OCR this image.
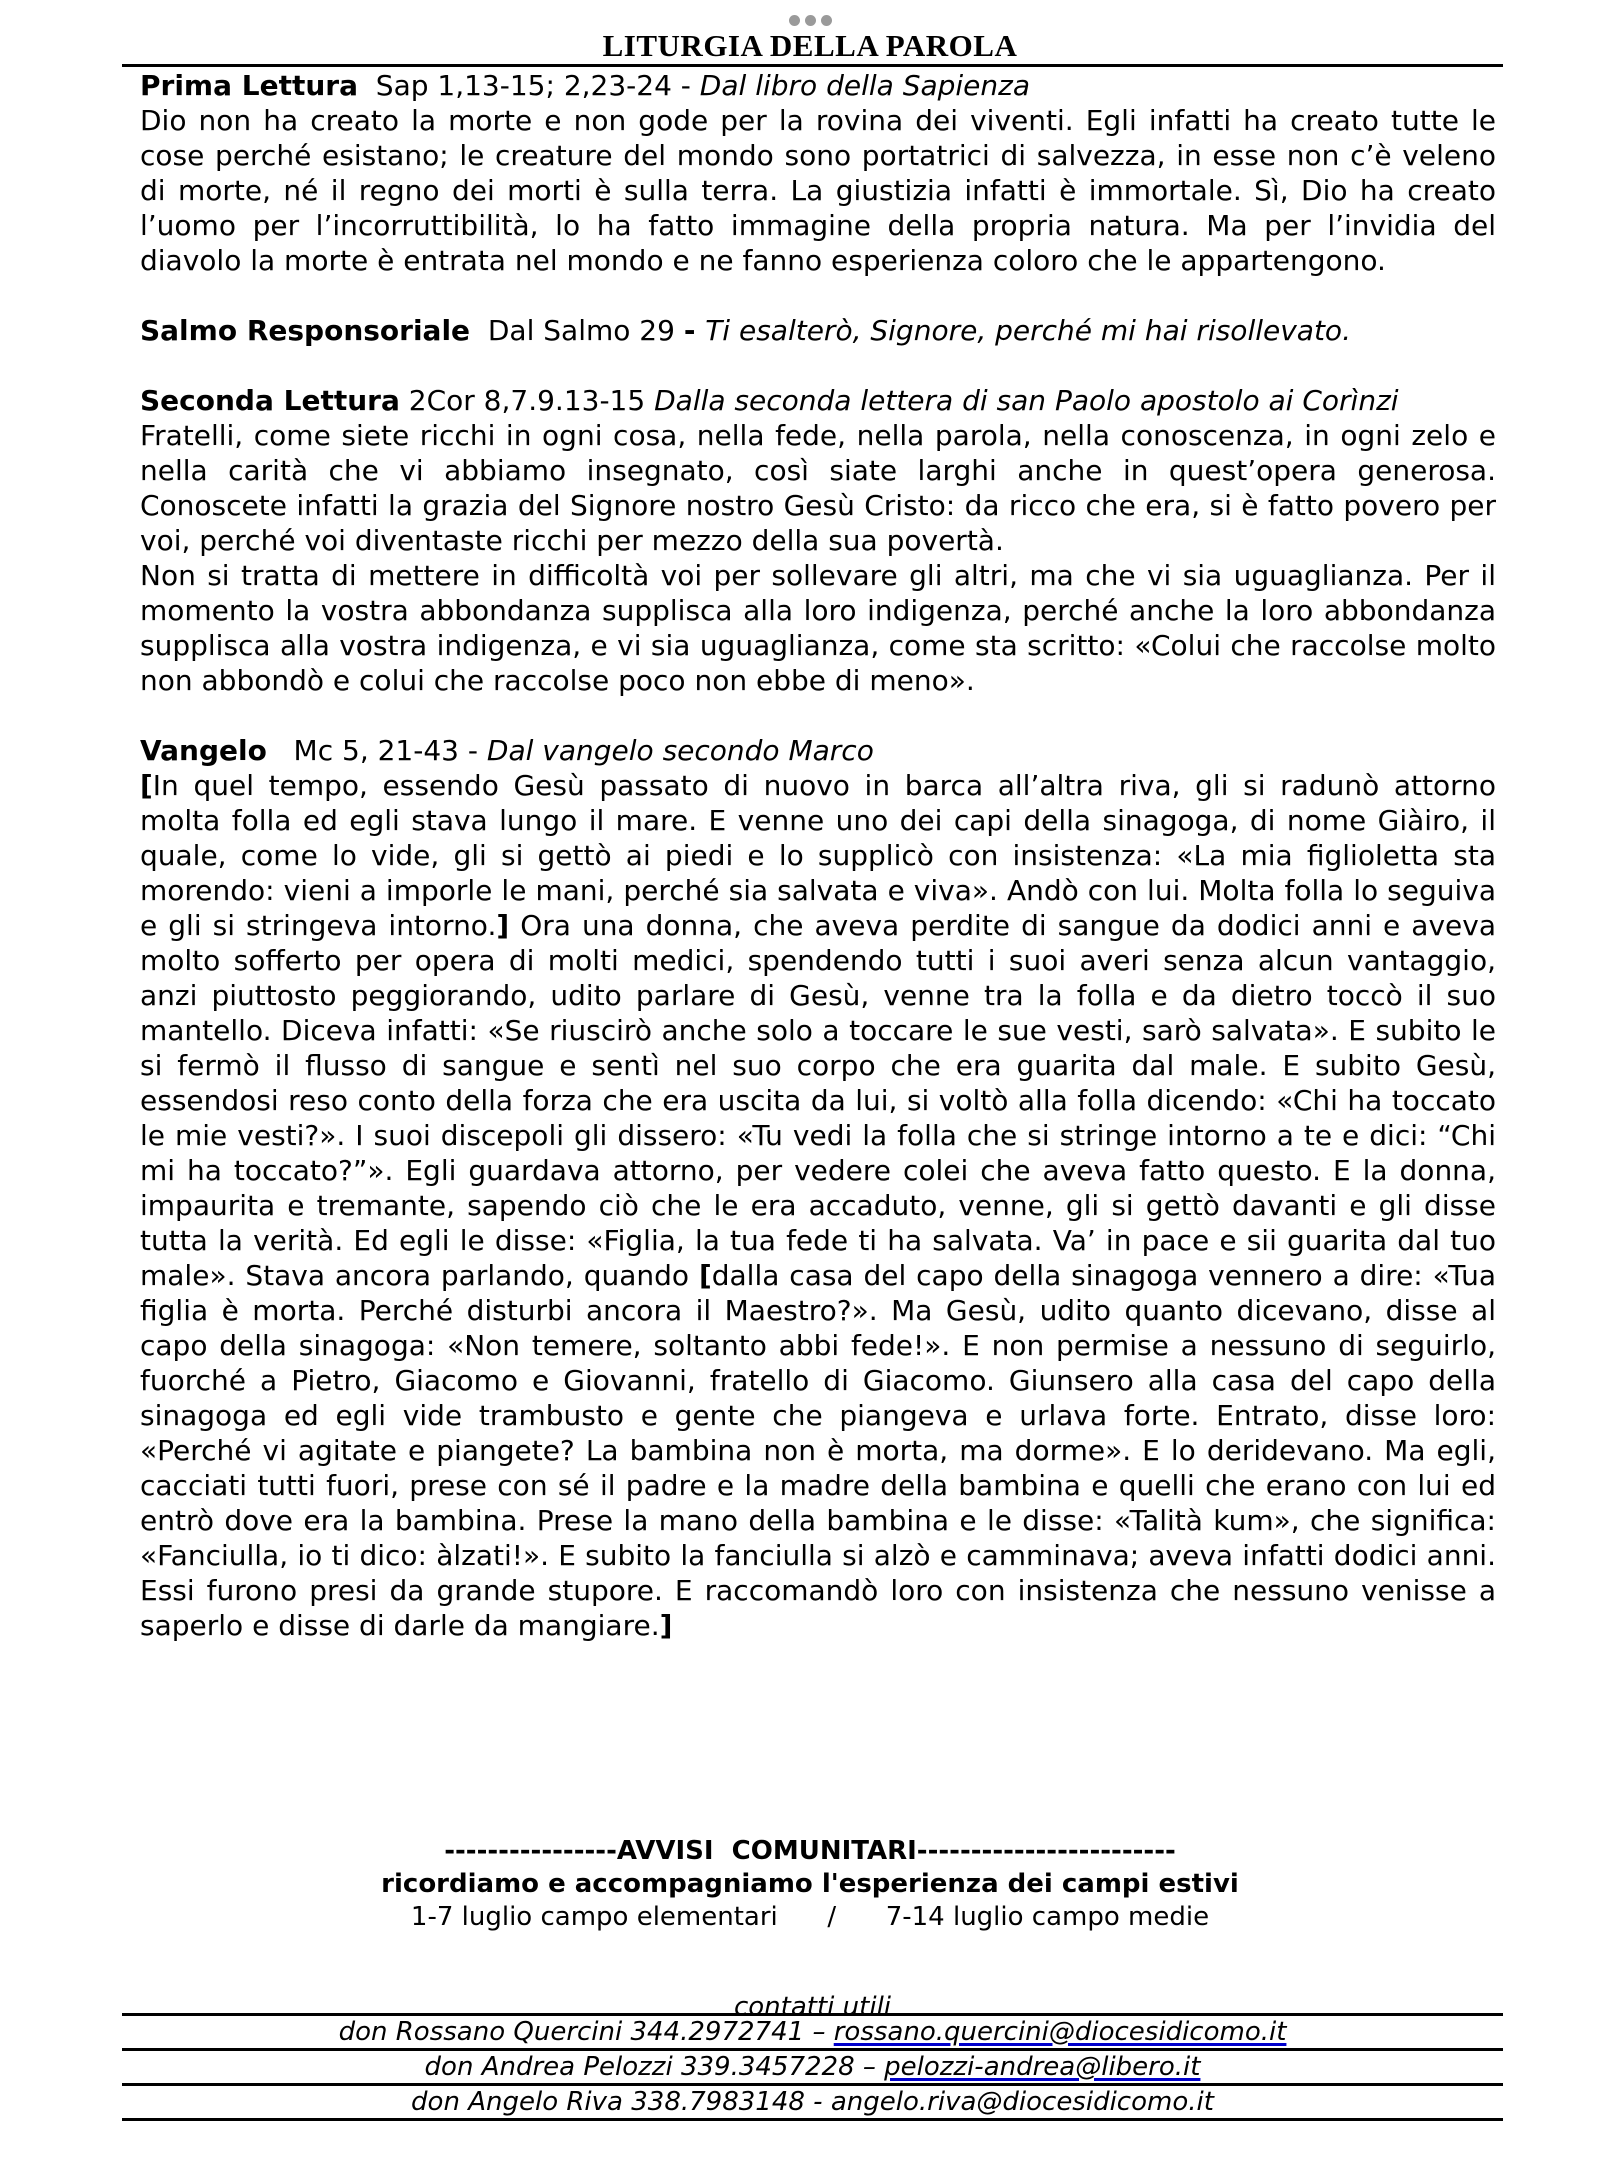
LITURGIA DELLA PAROLA
Prima Lettura Sap 1,13-15; 2,23-24 - Dal libro della Sapienza

Dio non ha creato la morte e non gode per la rovina dei viventi. Egli infatti ha creato tutte le cose perché esistano; le creature del mondo sono portatrici di salvezza, in esse non c’è veleno di morte, né il regno dei morti è sulla terra. La giustizia infatti è immortale. Sì, Dio ha creato l’uomo per l’incorruttibilità, lo ha fatto immagine della propria natura. Ma per l’invidia del diavolo la morte è entrata nel mondo e ne fanno esperienza coloro che le appartengono.

Salmo Responsoriale Dal Salmo 29 - Ti esalterò, Signore, perché mi hai risollevato.
Seconda Lettura 2Cor 8,7.9.13-15 Dalla seconda lettera di san Paolo apostolo ai Corìnzi

Fratelli, come siete ricchi in ogni cosa, nella fede, nella parola, nella conoscenza, in ogni zelo e nella carità che vi abbiamo insegnato, così siate larghi anche in quest’opera generosa. Conoscete infatti la grazia del Signore nostro Gesù Cristo: da ricco che era, si è fatto povero per voi, perché voi diventaste ricchi per mezzo della sua povertà.

Non si tratta di mettere in difficoltà voi per sollevare gli altri, ma che vi sia uguaglianza. Per il momento la vostra abbondanza supplisca alla loro indigenza, perché anche la loro abbondanza supplisca alla vostra indigenza, e vi sia uguaglianza, come sta scritto: «Colui che raccolse molto non abbondò e colui che raccolse poco non ebbe di meno».

Vangelo Mc 5, 21-43 - Dal vangelo secondo Marco

[In quel tempo, essendo Gesù passato di nuovo in barca all’altra riva, gli si radunò attorno molta folla ed egli stava lungo il mare. E venne uno dei capi della sinagoga, di nome Giàiro, il quale, come lo vide, gli si gettò ai piedi e lo supplicò con insistenza: «La mia figlioletta sta morendo: vieni a imporle le mani, perché sia salvata e viva». Andò con lui. Molta folla lo seguiva e gli si stringeva intorno.] Ora una donna, che aveva perdite di sangue da dodici anni e aveva molto sofferto per opera di molti medici, spendendo tutti i suoi averi senza alcun vantaggio, anzi piuttosto peggiorando, udito parlare di Gesù, venne tra la folla e da dietro toccò il suo mantello. Diceva infatti: «Se riuscirò anche solo a toccare le sue vesti, sarò salvata». E subito le si fermò il flusso di sangue e sentì nel suo corpo che era guarita dal male. E subito Gesù, essendosi reso conto della forza che era uscita da lui, si voltò alla folla dicendo: «Chi ha toccato le mie vesti?». I suoi discepoli gli dissero: «Tu vedi la folla che si stringe intorno a te e dici: “Chi mi ha toccato?”». Egli guardava attorno, per vedere colei che aveva fatto questo. E la donna, impaurita e tremante, sapendo ciò che le era accaduto, venne, gli si gettò davanti e gli disse tutta la verità. Ed egli le disse: «Figlia, la tua fede ti ha salvata. Va’ in pace e sii guarita dal tuo male». Stava ancora parlando, quando [dalla casa del capo della sinagoga vennero a dire: «Tua figlia è morta. Perché disturbi ancora il Maestro?». Ma Gesù, udito quanto dicevano, disse al capo della sinagoga: «Non temere, soltanto abbi fede!». E non permise a nessuno di seguirlo, fuorché a Pietro, Giacomo e Giovanni, fratello di Giacomo. Giunsero alla casa del capo della sinagoga ed egli vide trambusto e gente che piangeva e urlava forte. Entrato, disse loro: «Perché vi agitate e piangete? La bambina non è morta, ma dorme». E lo deridevano. Ma egli, cacciati tutti fuori, prese con sé il padre e la madre della bambina e quelli che erano con lui ed entrò dove era la bambina. Prese la mano della bambina e le disse: «Talità kum», che significa: «Fanciulla, io ti dico: àlzati!». E subito la fanciulla si alzò e camminava; aveva infatti dodici anni. Essi furono presi da grande stupore. E raccomandò loro con insistenza che nessuno venisse a saperlo e disse di darle da mangiare.]

----------------AVVISI  COMUNITARI------------------------
ricordiamo e accompagniamo l'esperienza dei campi estivi
1-7 luglio campo elementari      /      7-14 luglio campo medie
contatti utili
don Rossano Quercini 344.2972741 – rossano.quercini@diocesidicomo.it
don Andrea Pelozzi 339.3457228 – pelozzi-andrea@libero.it
don Angelo Riva 338.7983148 - angelo.riva@diocesidicomo.it
